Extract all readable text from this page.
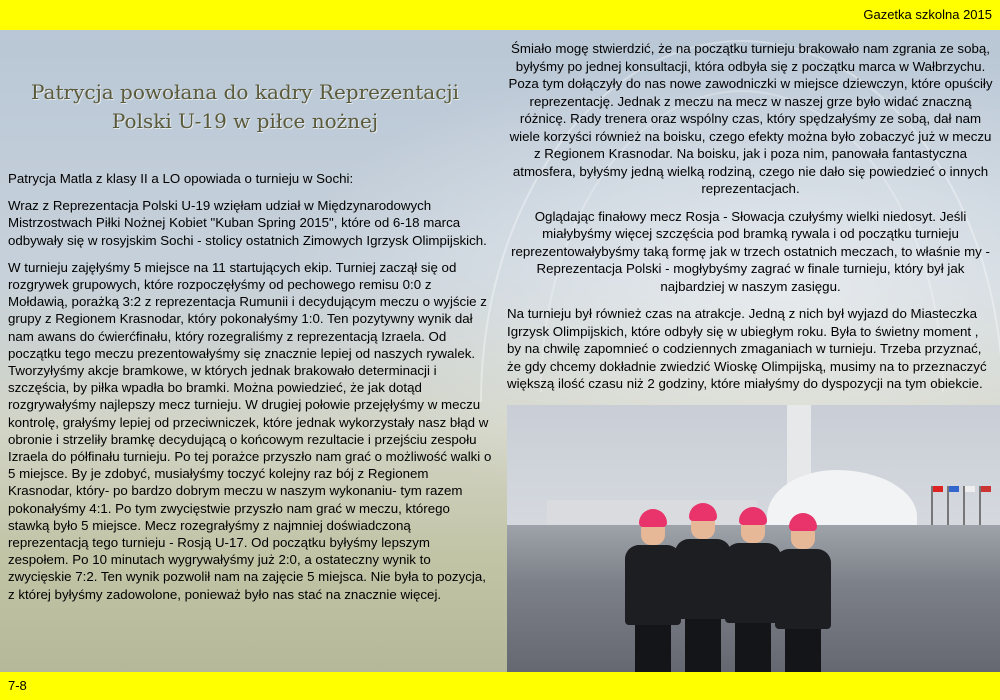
Gazetka szkolna 2015
Patrycja powołana do kadry Reprezentacji
Polski U-19 w piłce nożnej

Patrycja Matla z klasy II a LO opowiada o turnieju w Sochi:

Wraz z Reprezentacja Polski U-19 wzięłam udział w Międzynarodowych Mistrzostwach Piłki Nożnej Kobiet "Kuban Spring 2015", które od 6-18 marca odbywały się w rosyjskim Sochi - stolicy ostatnich Zimowych Igrzysk Olimpijskich.

W turnieju zajęłyśmy 5 miejsce na 11 startujących ekip. Turniej zaczął się od rozgrywek grupowych, które rozpoczęłyśmy od pechowego remisu 0:0 z Mołdawią, porażką 3:2 z reprezentacja Rumunii i decydującym meczu o wyjście z grupy z Regionem Krasnodar, który pokonałyśmy 1:0. Ten pozytywny wynik dał nam awans do ćwierćfinału, który rozegraliśmy z reprezentacją Izraela. Od początku tego meczu prezentowałyśmy się znacznie lepiej od naszych rywalek. Tworzyłyśmy akcje bramkowe, w których jednak brakowało determinacji i szczęścia, by piłka wpadła bo bramki. Można powiedzieć, że jak dotąd rozgrywałyśmy najlepszy mecz turnieju. W drugiej połowie przejęłyśmy w meczu kontrolę, grałyśmy lepiej od przeciwniczek, które jednak wykorzystały nasz błąd w obronie i strzeliły bramkę decydującą o końcowym rezultacie i przejściu zespołu Izraela do półfinału turnieju. Po tej porażce przyszło nam grać o możliwość walki o 5 miejsce. By je zdobyć, musiałyśmy toczyć kolejny raz bój z Regionem Krasnodar, który- po bardzo dobrym meczu w naszym wykonaniu- tym razem pokonałyśmy 4:1. Po tym zwycięstwie przyszło nam grać w meczu, którego stawką było 5 miejsce. Mecz rozegrałyśmy z najmniej doświadczoną reprezentacją tego turnieju - Rosją U-17. Od początku byłyśmy lepszym zespołem. Po 10 minutach wygrywałyśmy już 2:0, a ostateczny wynik to zwycięskie 7:2. Ten wynik pozwolił nam na zajęcie 5 miejsca. Nie była to pozycja, z której byłyśmy zadowolone, ponieważ było nas stać na znacznie więcej.

Śmiało mogę stwierdzić, że na początku turnieju brakowało nam zgrania ze sobą, byłyśmy po jednej konsultacji, która odbyła się z początku marca w Wałbrzychu. Poza tym dołączyły do nas nowe zawodniczki w miejsce dziewczyn, które opuściły reprezentację. Jednak z meczu na mecz w naszej grze było widać znaczną różnicę. Rady trenera oraz wspólny czas, który spędzałyśmy ze sobą, dał nam wiele korzyści również na boisku, czego efekty można było zobaczyć już w meczu z Regionem Krasnodar. Na boisku, jak i poza nim, panowała fantastyczna atmosfera, byłyśmy jedną wielką rodziną, czego nie dało się powiedzieć o innych reprezentacjach.

Oglądając finałowy mecz Rosja - Słowacja czułyśmy wielki niedosyt. Jeśli miałybyśmy więcej szczęścia pod bramką rywala i od początku turnieju reprezentowałybyśmy taką formę jak w trzech ostatnich meczach, to właśnie my - Reprezentacja Polski - mogłybyśmy zagrać w finale turnieju, który był jak najbardziej w naszym zasięgu.

Na turnieju był również czas na atrakcje. Jedną z nich był wyjazd do Miasteczka Igrzysk Olimpijskich, które odbyły się w ubiegłym roku. Była to świetny moment , by na chwilę zapomnieć o codziennych zmaganiach w turnieju. Trzeba przyznać, że gdy chcemy dokładnie zwiedzić Wioskę Olimpijską, musimy na to przeznaczyć większą ilość czasu niż 2 godziny, które miałyśmy do dyspozycji na tym obiekcie.

7-8
